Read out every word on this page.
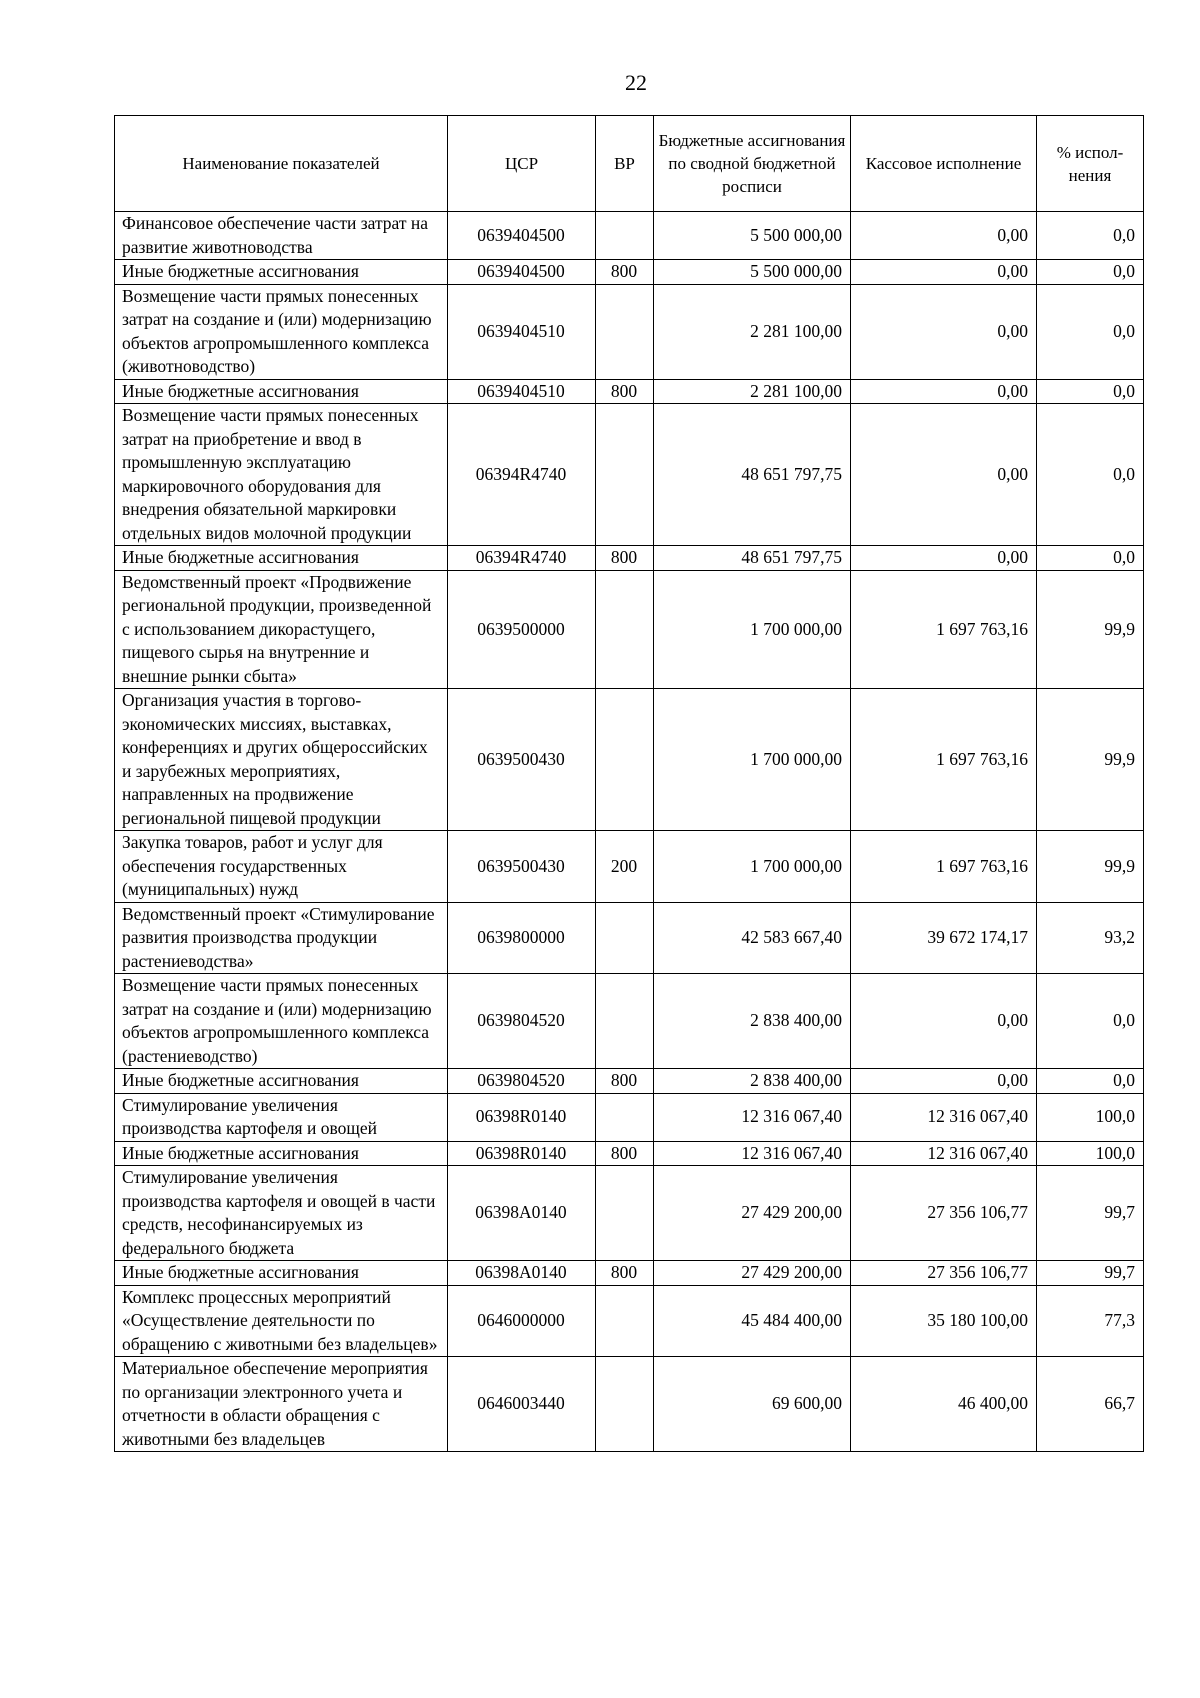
22
Наименование показателей	ЦСР	ВР	Бюджетные ассигнования по сводной бюджетной росписи	Кассовое исполнение	% испол-нения
Финансовое обеспечение части затрат на развитие животноводства	0639404500		5 500 000,00	0,00	0,0
Иные бюджетные ассигнования	0639404500	800	5 500 000,00	0,00	0,0
Возмещение части прямых понесенных затрат на создание и (или) модернизацию объектов агропромышленного комплекса (животноводство)	0639404510		2 281 100,00	0,00	0,0
Иные бюджетные ассигнования	0639404510	800	2 281 100,00	0,00	0,0
Возмещение части прямых понесенных затрат на приобретение и ввод в промышленную эксплуатацию маркировочного оборудования для внедрения обязательной маркировки отдельных видов молочной продукции	06394R4740		48 651 797,75	0,00	0,0
Иные бюджетные ассигнования	06394R4740	800	48 651 797,75	0,00	0,0
Ведомственный проект «Продвижение региональной продукции, произведенной с использованием дикорастущего, пищевого сырья на внутренние и внешние рынки сбыта»	0639500000		1 700 000,00	1 697 763,16	99,9
Организация участия в торгово-экономических миссиях, выставках, конференциях и других общероссийских и зарубежных мероприятиях, направленных на продвижение региональной пищевой продукции	0639500430		1 700 000,00	1 697 763,16	99,9
Закупка товаров, работ и услуг для обеспечения государственных (муниципальных) нужд	0639500430	200	1 700 000,00	1 697 763,16	99,9
Ведомственный проект «Стимулирование развития производства продукции растениеводства»	0639800000		42 583 667,40	39 672 174,17	93,2
Возмещение части прямых понесенных затрат на создание и (или) модернизацию объектов агропромышленного комплекса (растениеводство)	0639804520		2 838 400,00	0,00	0,0
Иные бюджетные ассигнования	0639804520	800	2 838 400,00	0,00	0,0
Стимулирование увеличения производства картофеля и овощей	06398R0140		12 316 067,40	12 316 067,40	100,0
Иные бюджетные ассигнования	06398R0140	800	12 316 067,40	12 316 067,40	100,0
Стимулирование увеличения производства картофеля и овощей в части средств, несофинансируемых из федерального бюджета	06398A0140		27 429 200,00	27 356 106,77	99,7
Иные бюджетные ассигнования	06398A0140	800	27 429 200,00	27 356 106,77	99,7
Комплекс процессных мероприятий «Осуществление деятельности по обращению с животными без владельцев»	0646000000		45 484 400,00	35 180 100,00	77,3
Материальное обеспечение мероприятия по организации электронного учета и отчетности в области обращения с животными без владельцев	0646003440		69 600,00	46 400,00	66,7
